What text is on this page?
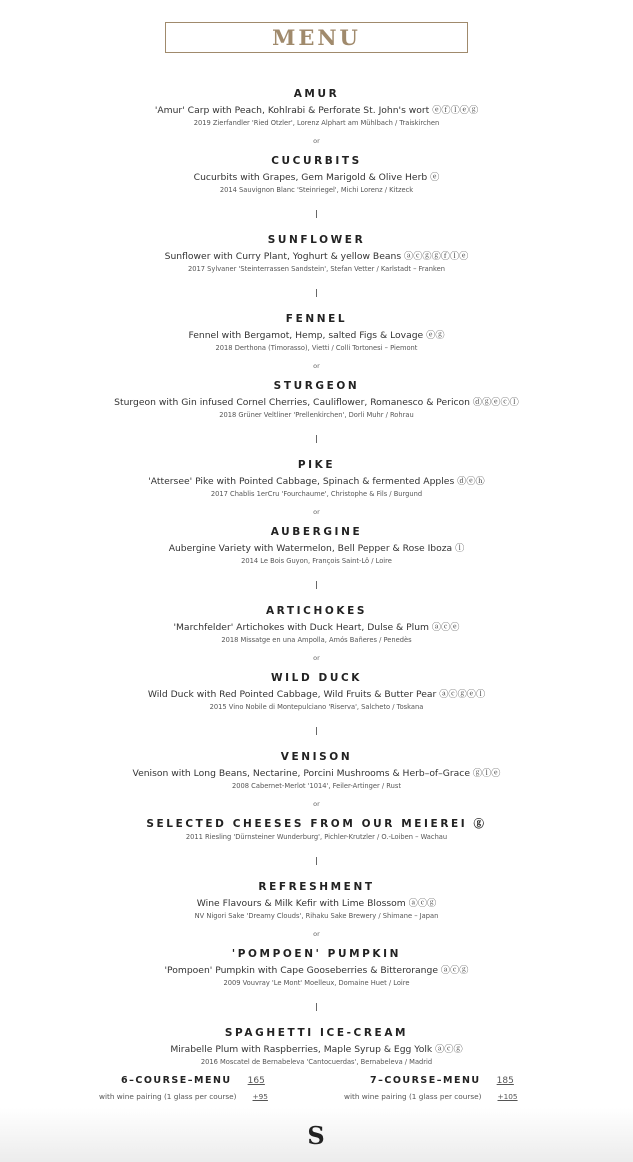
MENU
AMUR
'Amur' Carp with Peach, Kohlrabi & Perforate St. John's wort ⓔⓕⓛⓔⓖ
2019 Zierfandler 'Ried Otzler', Lorenz Alphart am Mühlbach / Traiskirchen
or
CUCURBITS
Cucurbits with Grapes, Gem Marigold & Olive Herb ⓔ
2014 Sauvignon Blanc 'Steinriegel', Michi Lorenz / Kitzeck
SUNFLOWER
Sunflower with Curry Plant, Yoghurt & yellow Beans ⓐⓒⓖⓖⓕⓛⓔ
2017 Sylvaner 'Steinterrassen Sandstein', Stefan Vetter / Karlstadt – Franken
FENNEL
Fennel with Bergamot, Hemp, salted Figs & Lovage ⓔⓖ
2018 Derthona (Timorasso), Vietti / Colli Tortonesi – Piemont
or
STURGEON
Sturgeon with Gin infused Cornel Cherries, Cauliflower, Romanesco & Pericon ⓓⓖⓔⓒⓛ
2018 Grüner Veltliner 'Prellenkirchen', Dorli Muhr / Rohrau
PIKE
'Attersee' Pike with Pointed Cabbage, Spinach & fermented Apples ⓓⓔⓗ
2017 Chablis 1erCru 'Fourchaume', Christophe & Fils / Burgund
or
AUBERGINE
Aubergine Variety with Watermelon, Bell Pepper & Rose Iboza ⓛ
2014 Le Bois Guyon, François Saint-Lô / Loire
ARTICHOKES
'Marchfelder' Artichokes with Duck Heart, Dulse & Plum ⓐⓒⓔ
2018 Missatge en una Ampolla, Amós Bañeres / Penedès
or
WILD DUCK
Wild Duck with Red Pointed Cabbage, Wild Fruits & Butter Pear ⓐⓒⓖⓔⓛ
2015 Vino Nobile di Montepulciano 'Riserva', Salcheto / Toskana
VENISON
Venison with Long Beans, Nectarine, Porcini Mushrooms & Herb–of–Grace ⓖⓛⓔ
2008 Cabernet-Merlot '1014', Feiler-Artinger / Rust
or
SELECTED CHEESES FROM OUR MEIEREI ⓖ
2011 Riesling 'Dürnsteiner Wunderburg', Pichler-Krutzler / O.-Loiben – Wachau
REFRESHMENT
Wine Flavours & Milk Kefir with Lime Blossom ⓐⓒⓖ
NV Nigori Sake 'Dreamy Clouds', Rihaku Sake Brewery / Shimane – Japan
or
'POMPOEN' PUMPKIN
'Pompoen' Pumpkin with Cape Gooseberries & Bitterorange ⓐⓒⓖ
2009 Vouvray 'Le Mont' Moelleux, Domaine Huet / Loire
SPAGHETTI ICE-CREAM
Mirabelle Plum with Raspberries, Maple Syrup & Egg Yolk ⓐⓒⓖ
2016 Moscatel de Bernabeleva 'Cantocuerdas', Bernabeleva / Madrid
6–COURSE–MENU 165
with wine pairing (1 glass per course) +95
7–COURSE–MENU 185
with wine pairing (1 glass per course) +105
S
